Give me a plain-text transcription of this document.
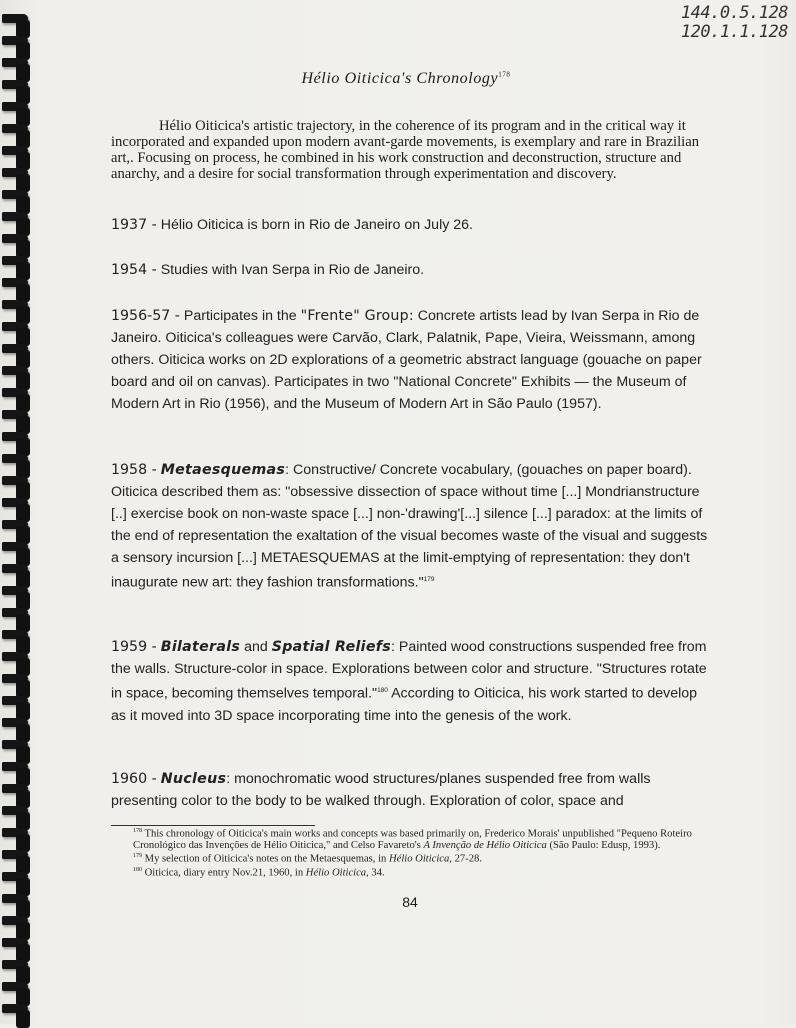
144.0.5.128
120.1.1.128
Hélio Oiticica's Chronology$^{178}$
Hélio Oiticica's artistic trajectory, in the coherence of its program and in the critical way it incorporated and expanded upon modern avant-garde movements, is exemplary and rare in Brazilian art,. Focusing on process, he combined in his work construction and deconstruction, structure and anarchy, and a desire for social transformation through experimentation and discovery.
1937 - Hélio Oiticica is born in Rio de Janeiro on July 26.
1954 - Studies with Ivan Serpa in Rio de Janeiro.
1956-57 - Participates in the "Frente" Group: Concrete artists lead by Ivan Serpa in Rio de Janeiro. Oiticica's colleagues were Carvão, Clark, Palatnik, Pape, Vieira, Weissmann, among others. Oiticica works on 2D explorations of a geometric abstract language (gouache on paper board and oil on canvas). Participates in two "National Concrete" Exhibits — the Museum of Modern Art in Rio (1956), and the Museum of Modern Art in São Paulo (1957).
1958 - Metaesquemas: Constructive/ Concrete vocabulary, (gouaches on paper board). Oiticica described them as: "obsessive dissection of space without time [...] Mondrianstructure [..] exercise book on non-waste space [...] non-'drawing'[...] silence [...] paradox: at the limits of the end of representation the exaltation of the visual becomes waste of the visual and suggests a sensory incursion [...] METAESQUEMAS at the limit-emptying of representation: they don't inaugurate new art: they fashion transformations."$^{179}$
1959 - Bilaterals and Spatial Reliefs: Painted wood constructions suspended free from the walls. Structure-color in space. Explorations between color and structure. "Structures rotate in space, becoming themselves temporal."$^{180}$ According to Oiticica, his work started to develop as it moved into 3D space incorporating time into the genesis of the work.
1960 - Nucleus: monochromatic wood structures/planes suspended free from walls presenting color to the body to be walked through. Exploration of color, space and

$^{178}$ This chronology of Oiticica's main works and concepts was based primarily on, Frederico Morais' unpublished "Pequeno Roteiro Cronológico das Invenções de Hélio Oiticica," and Celso Favareto's A Invenção de Hélio Oiticica (São Paulo: Edusp, 1993).

$^{179}$ My selection of Oiticica's notes on the Metaesquemas, in Hélio Oiticica, 27-28.

$^{180}$ Oiticica, diary entry Nov.21, 1960, in Hélio Oiticica, 34.

84
